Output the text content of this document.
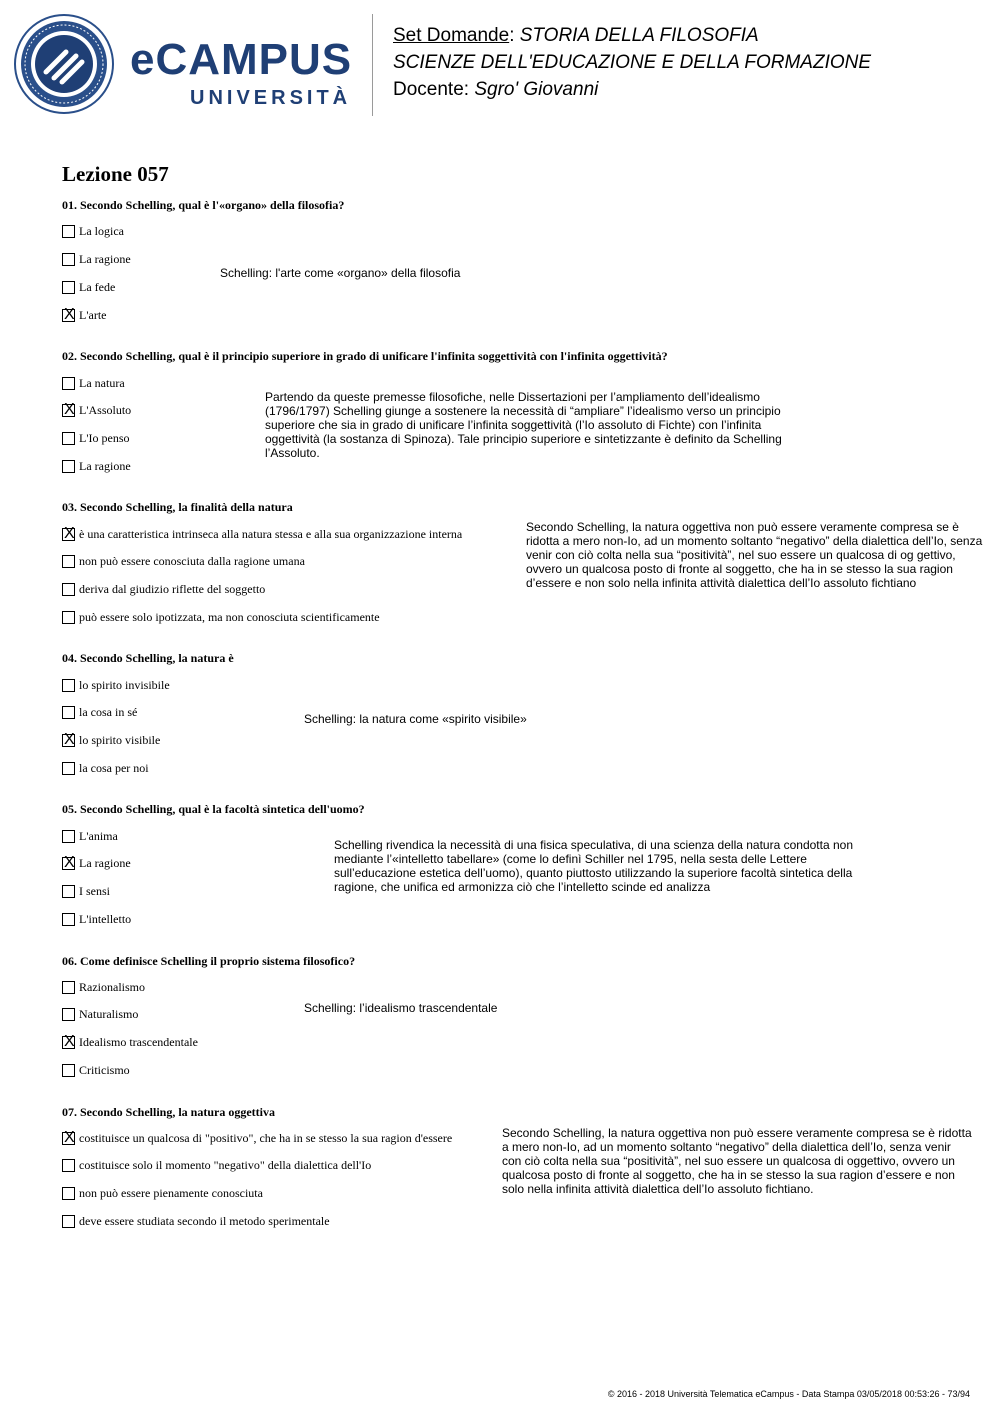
eCAMPUS
UNIVERSITÀ
Set Domande: STORIA DELLA FILOSOFIA
SCIENZE DELL'EDUCAZIONE E DELLA FORMAZIONE
Docente: Sgro' Giovanni
Lezione 057
01. Secondo Schelling, qual è l'«organo» della filosofia?
La logica
La ragione
La fede
X L'arte
Schelling: l'arte come «organo» della filosofia
02. Secondo Schelling, qual è il principio superiore in grado di unificare l'infinita soggettività con l'infinita oggettività?
La natura
X L'Assoluto
L'Io penso
La ragione
Partendo da queste premesse filosofiche, nelle Dissertazioni per l’ampliamento dell’idealismo (1796/1797) Schelling giunge a sostenere la necessità di “ampliare” l’idealismo verso un principio superiore che sia in grado di unificare l’infinita soggettività (l’Io assoluto di Fichte) con l’infinita oggettività (la sostanza di Spinoza). Tale principio superiore e sintetizzante è definito da Schelling l’Assoluto.
03. Secondo Schelling, la finalità della natura
X è una caratteristica intrinseca alla natura stessa e alla sua organizzazione interna
non può essere conosciuta dalla ragione umana
deriva dal giudizio riflette del soggetto
può essere solo ipotizzata, ma non conosciuta scientificamente
Secondo Schelling, la natura oggettiva non può essere veramente compresa se è ridotta a mero non-Io, ad un momento soltanto “negativo” della dialettica dell’Io, senza venir con ciò colta nella sua “positività”, nel suo essere un qualcosa di og gettivo, ovvero un qualcosa posto di fronte al soggetto, che ha in se stesso la sua ragion d’essere e non solo nella infinita attività dialettica dell’Io assoluto fichtiano
04. Secondo Schelling, la natura è
lo spirito invisibile
la cosa in sé
X lo spirito visibile
la cosa per noi
Schelling: la natura come «spirito visibile»
05. Secondo Schelling, qual è la facoltà sintetica dell'uomo?
L'anima
X La ragione
I sensi
L'intelletto
Schelling rivendica la necessità di una fisica speculativa, di una scienza della natura condotta non mediante l’«intelletto tabellare» (come lo definì Schiller nel 1795, nella sesta delle Lettere sull’educazione estetica dell’uomo), quanto piuttosto utilizzando la superiore facoltà sintetica della ragione, che unifica ed armonizza ciò che l’intelletto scinde ed analizza
06. Come definisce Schelling il proprio sistema filosofico?
Razionalismo
Naturalismo
X Idealismo trascendentale
Criticismo
Schelling: l’idealismo trascendentale
07. Secondo Schelling, la natura oggettiva
X costituisce un qualcosa di "positivo", che ha in se stesso la sua ragion d'essere
costituisce solo il momento "negativo" della dialettica dell'Io
non può essere pienamente conosciuta
deve essere studiata secondo il metodo sperimentale
Secondo Schelling, la natura oggettiva non può essere veramente compresa se è ridotta a mero non-Io, ad un momento soltanto “negativo” della dialettica dell’Io, senza venir con ciò colta nella sua “positività”, nel suo essere un qualcosa di oggettivo, ovvero un qualcosa posto di fronte al soggetto, che ha in se stesso la sua ragion d’essere e non solo nella infinita attività dialettica dell’Io assoluto fichtiano.
© 2016 - 2018 Università Telematica eCampus - Data Stampa 03/05/2018 00:53:26 - 73/94
